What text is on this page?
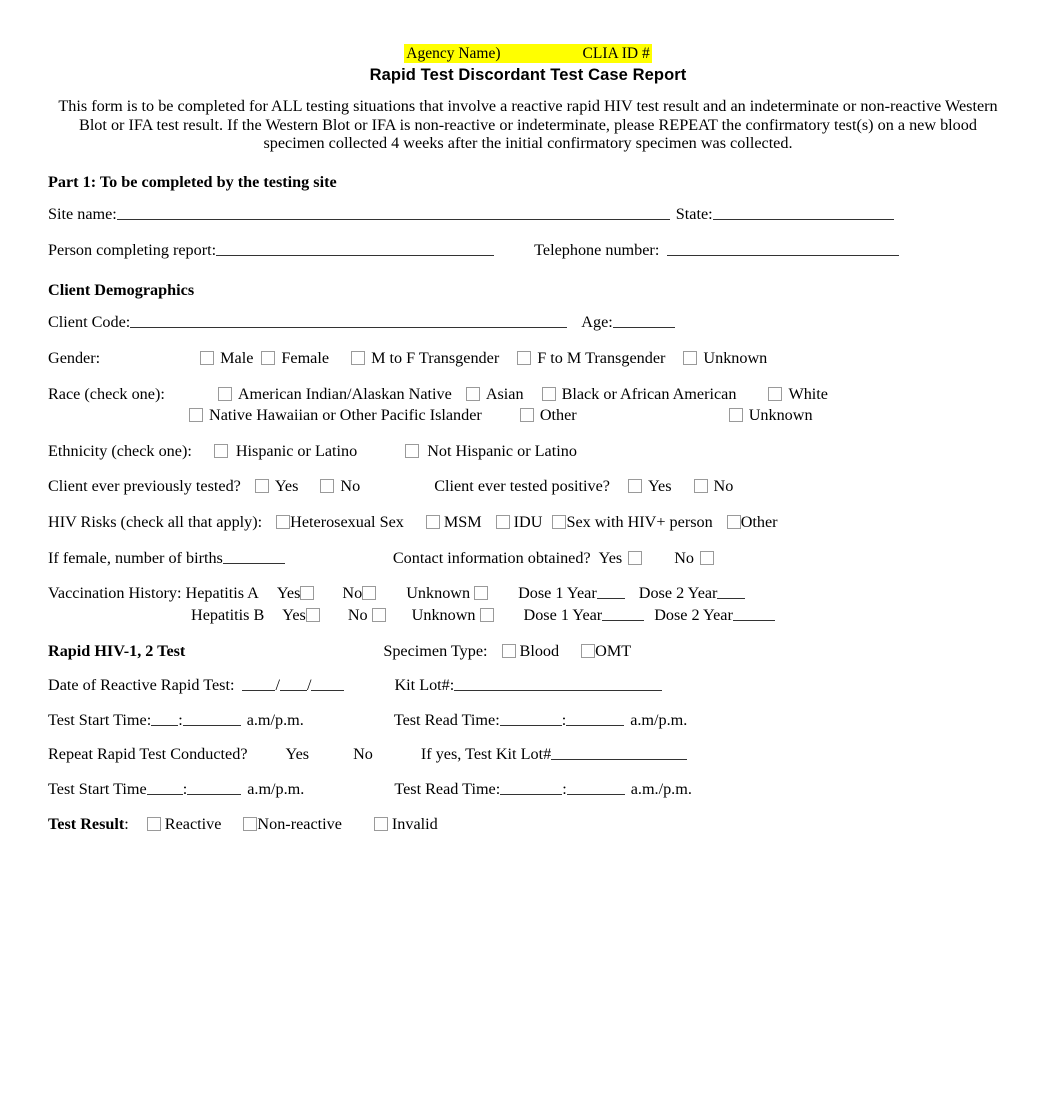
Agency Name)	CLIA ID #
Rapid Test Discordant Test Case Report
This form is to be completed for ALL testing situations that involve a reactive rapid HIV test result and an indeterminate or non-reactive Western Blot or IFA test result. If the Western Blot or IFA is non-reactive or indeterminate, please REPEAT the confirmatory test(s) on a new blood specimen collected 4 weeks after the initial confirmatory specimen was collected.
Part 1: To be completed by the testing site
Site name:	State:
Person completing report:	Telephone number:
Client Demographics
Client Code:	Age:
Gender:	Male Female	M to F Transgender F to M Transgender Unknown
Race (check one):	American Indian/Alaskan Native Asian Black or African American	White
Native Hawaiian or Other Pacific Islander	Other	Unknown
Ethnicity (check one):	Hispanic or Latino	Not Hispanic or Latino
Client ever previously tested? Yes	No	Client ever tested positive? Yes	No
HIV Risks (check all that apply): Heterosexual Sex MSM IDU Sex with HIV+ person Other
If female, number of births	Contact information obtained? Yes	No
Vaccination History: Hepatitis A Yes	No	Unknown	Dose 1 Year	Dose 2 Year
Hepatitis B Yes	No	Unknown	Dose 1 Year	Dose 2 Year
Rapid HIV-1, 2 Test	Specimen Type: Blood OMT
Date of Reactive Rapid Test:	/ /	Kit Lot#:
Test Start Time: :	a.m/p.m.	Test Read Time:	:	a.m/p.m.
Repeat Rapid Test Conducted? Yes	No	If yes, Test Kit Lot#
Test Start Time :	a.m/p.m.	Test Read Time:	:	a.m./p.m.
Test Result: Reactive Non-reactive	Invalid
